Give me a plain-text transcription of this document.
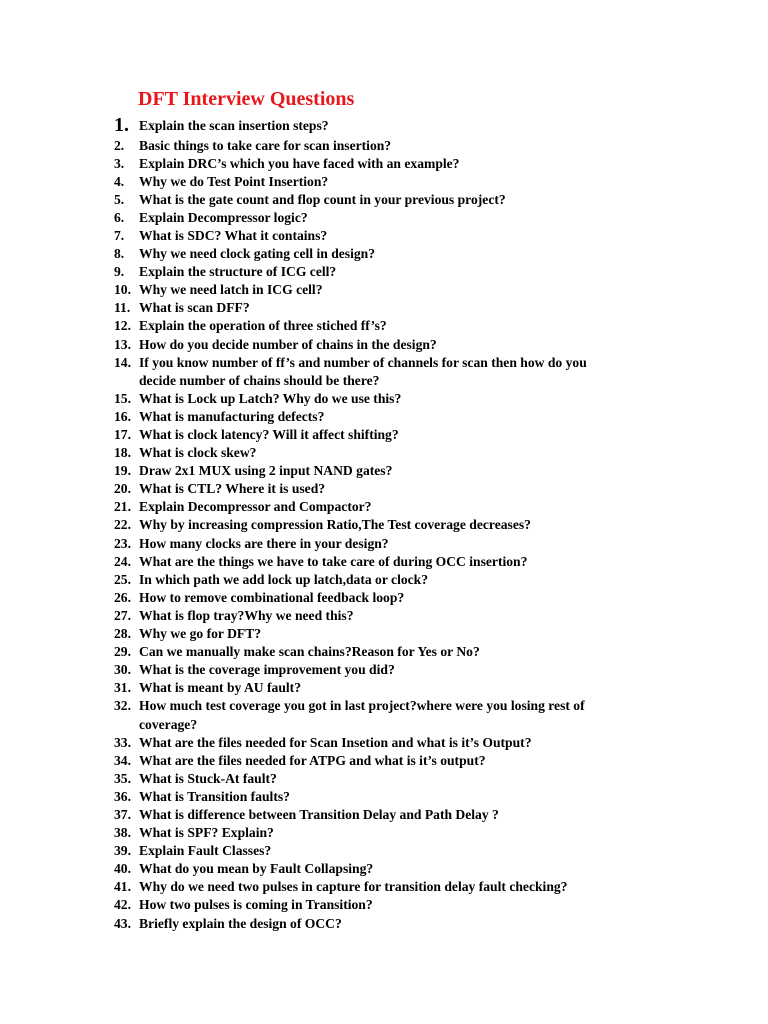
DFT Interview Questions
1. Explain the scan insertion steps?
2. Basic things to take care for scan insertion?
3. Explain DRC’s which you have faced with an example?
4. Why we do Test Point Insertion?
5. What is the gate count and flop count in your previous project?
6. Explain Decompressor logic?
7. What is SDC? What it contains?
8. Why we need clock gating cell in design?
9. Explain the structure of ICG cell?
10. Why we need latch in ICG cell?
11. What is scan DFF?
12. Explain the operation of three stiched ff’s?
13. How do you decide number of chains in the design?
14. If you know number of ff’s and number of channels for scan then how do you
decide number of chains should be there?
15. What is Lock up Latch? Why do we use this?
16. What is manufacturing defects?
17. What is clock latency? Will it affect shifting?
18. What is clock skew?
19. Draw 2x1 MUX using 2 input NAND gates?
20. What is CTL? Where it is used?
21. Explain Decompressor and Compactor?
22. Why by increasing compression Ratio,The Test coverage decreases?
23. How many clocks are there in your design?
24. What are the things we have to take care of during OCC insertion?
25. In which path we add lock up latch,data or clock?
26. How to remove combinational feedback loop?
27. What is flop tray?Why we need this?
28. Why we go for DFT?
29. Can we manually make scan chains?Reason for Yes or No?
30. What is the coverage improvement you did?
31. What is meant by AU fault?
32. How much test coverage you got in last project?where were you losing rest of
coverage?
33. What are the files needed for Scan Insetion and what is it’s Output?
34. What are the files needed for ATPG and what is it’s output?
35. What is Stuck-At fault?
36. What is Transition faults?
37. What is difference between Transition Delay and Path Delay ?
38. What is SPF? Explain?
39. Explain Fault Classes?
40. What do you mean by Fault Collapsing?
41. Why do we need two pulses in capture for transition delay fault checking?
42. How two pulses is coming in Transition?
43. Briefly explain the design of OCC?
